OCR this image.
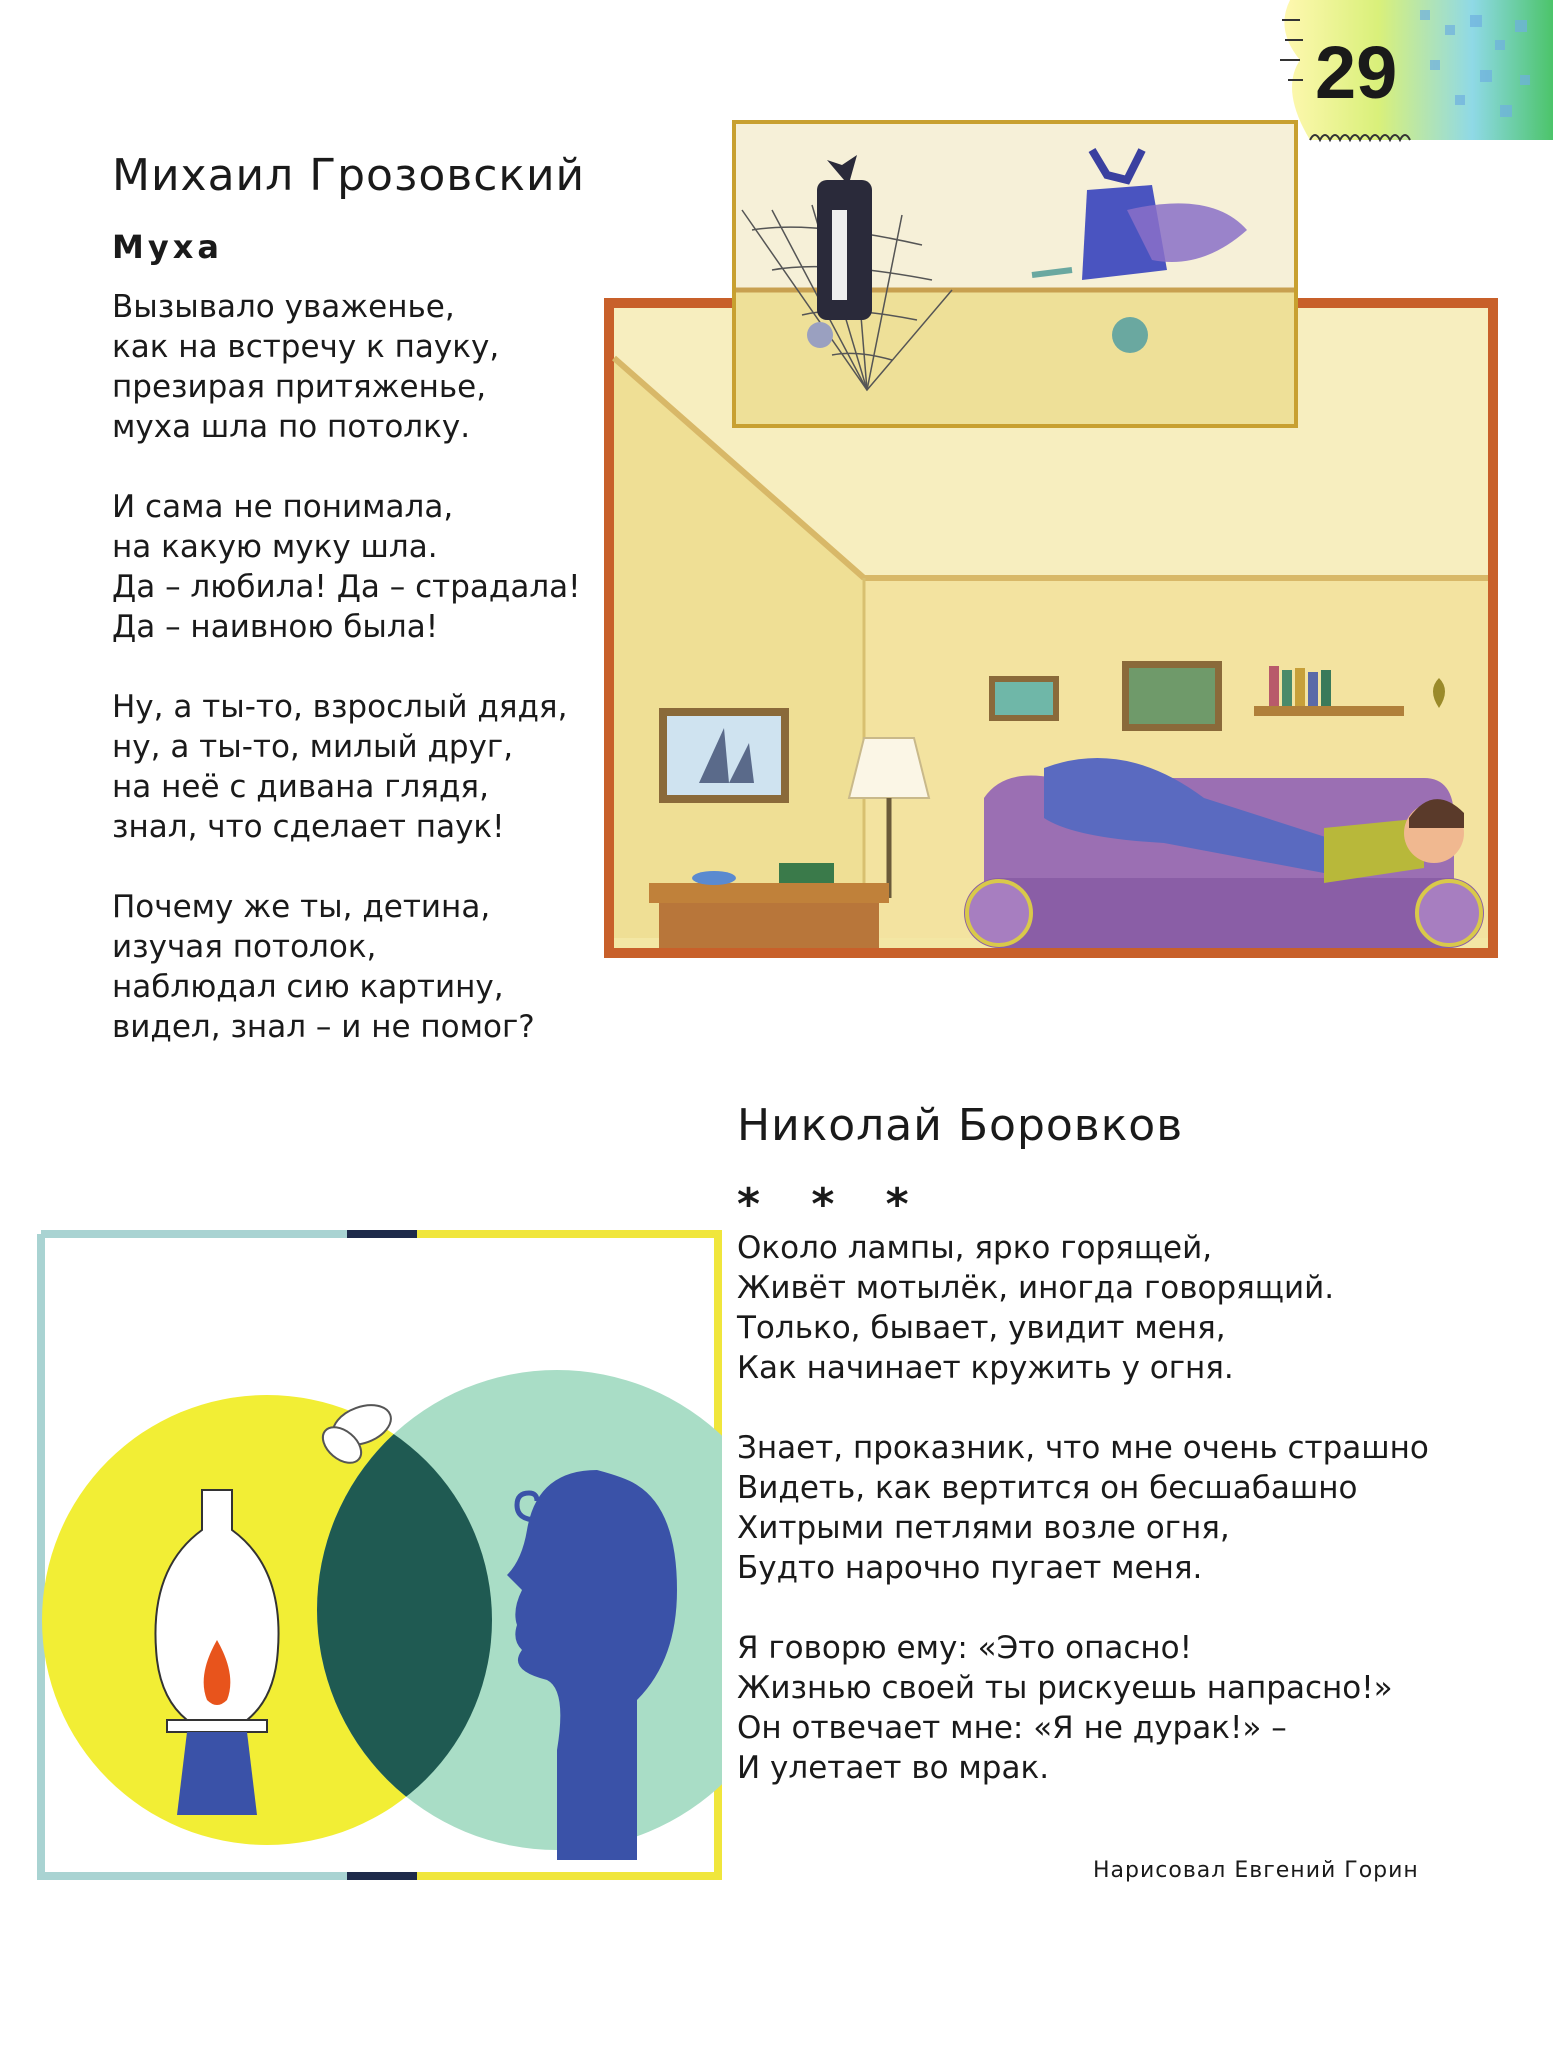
29
Михаил Грозовский
Муха
Вызывало уваженье,
как на встречу к пауку,
презирая притяженье,
муха шла по потолку.
И сама не понимала,
на какую муку шла.
Да – любила! Да – страдала!
Да – наивною была!
Ну, а ты-то, взрослый дядя,
ну, а ты-то, милый друг,
на неё с дивана глядя,
знал, что сделает паук!
Почему же ты, детина,
изучая потолок,
наблюдал сию картину,
видел, знал – и не помог?
Николай Боровков
* * *
Около лампы, ярко горящей,
Живёт мотылёк, иногда говорящий.
Только, бывает, увидит меня,
Как начинает кружить у огня.
Знает, проказник, что мне очень страшно
Видеть, как вертится он бесшабашно
Хитрыми петлями возле огня,
Будто нарочно пугает меня.
Я говорю ему: «Это опасно!
Жизнью своей ты рискуешь напрасно!»
Он отвечает мне: «Я не дурак!» –
И улетает во мрак.
Нарисовал Евгений Горин
